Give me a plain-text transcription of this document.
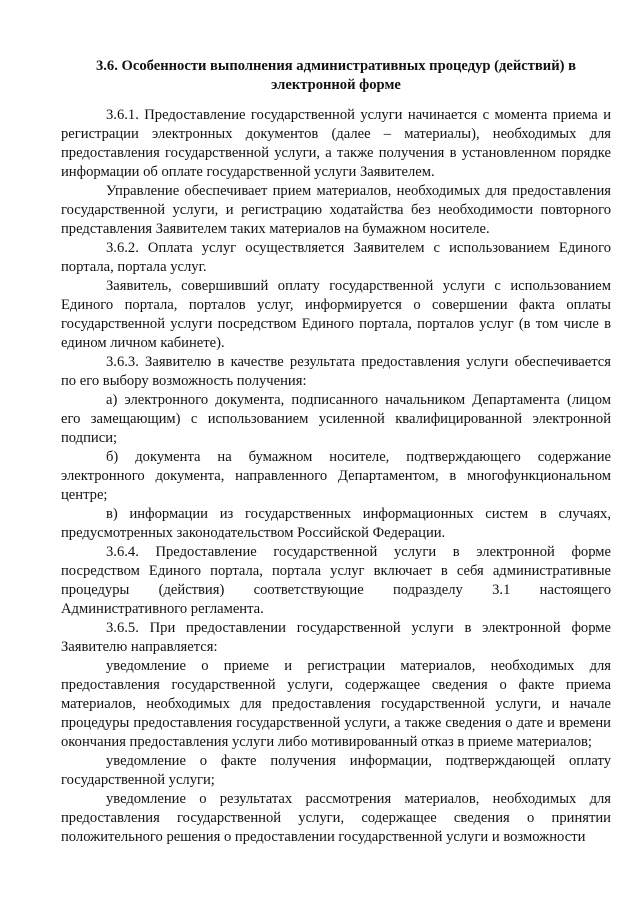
3.6. Особенности выполнения административных процедур (действий) в электронной форме

3.6.1. Предоставление государственной услуги начинается с момента приема и регистрации электронных документов (далее – материалы), необходимых для предоставления государственной услуги, а также получения в установленном порядке информации об оплате государственной услуги Заявителем.

Управление обеспечивает прием материалов, необходимых для предоставления государственной услуги, и регистрацию ходатайства без необходимости повторного представления Заявителем таких материалов на бумажном носителе.

3.6.2. Оплата услуг осуществляется Заявителем с использованием Единого портала, портала услуг.

Заявитель, совершивший оплату государственной услуги с использованием Единого портала, порталов услуг, информируется о совершении факта оплаты государственной услуги посредством Единого портала, порталов услуг (в том числе в едином личном кабинете).

3.6.3. Заявителю в качестве результата предоставления услуги обеспечивается по его выбору возможность получения:

а) электронного документа, подписанного начальником Департамента (лицом его замещающим) с использованием усиленной квалифицированной электронной подписи;

б) документа на бумажном носителе, подтверждающего содержание электронного документа, направленного Департаментом, в многофункциональном центре;

в) информации из государственных информационных систем в случаях, предусмотренных законодательством Российской Федерации.

3.6.4. Предоставление государственной услуги в электронной форме посредством Единого портала, портала услуг включает в себя административные процедуры (действия) соответствующие подразделу 3.1 настоящего Административного регламента.

3.6.5. При предоставлении государственной услуги в электронной форме Заявителю направляется:

уведомление о приеме и регистрации материалов, необходимых для предоставления государственной услуги, содержащее сведения о факте приема материалов, необходимых для предоставления государственной услуги, и начале процедуры предоставления государственной услуги, а также сведения о дате и времени окончания предоставления услуги либо мотивированный отказ в приеме материалов;

уведомление о факте получения информации, подтверждающей оплату государственной услуги;

уведомление о результатах рассмотрения материалов, необходимых для предоставления государственной услуги, содержащее сведения о принятии положительного решения о предоставлении государственной услуги и возможности
